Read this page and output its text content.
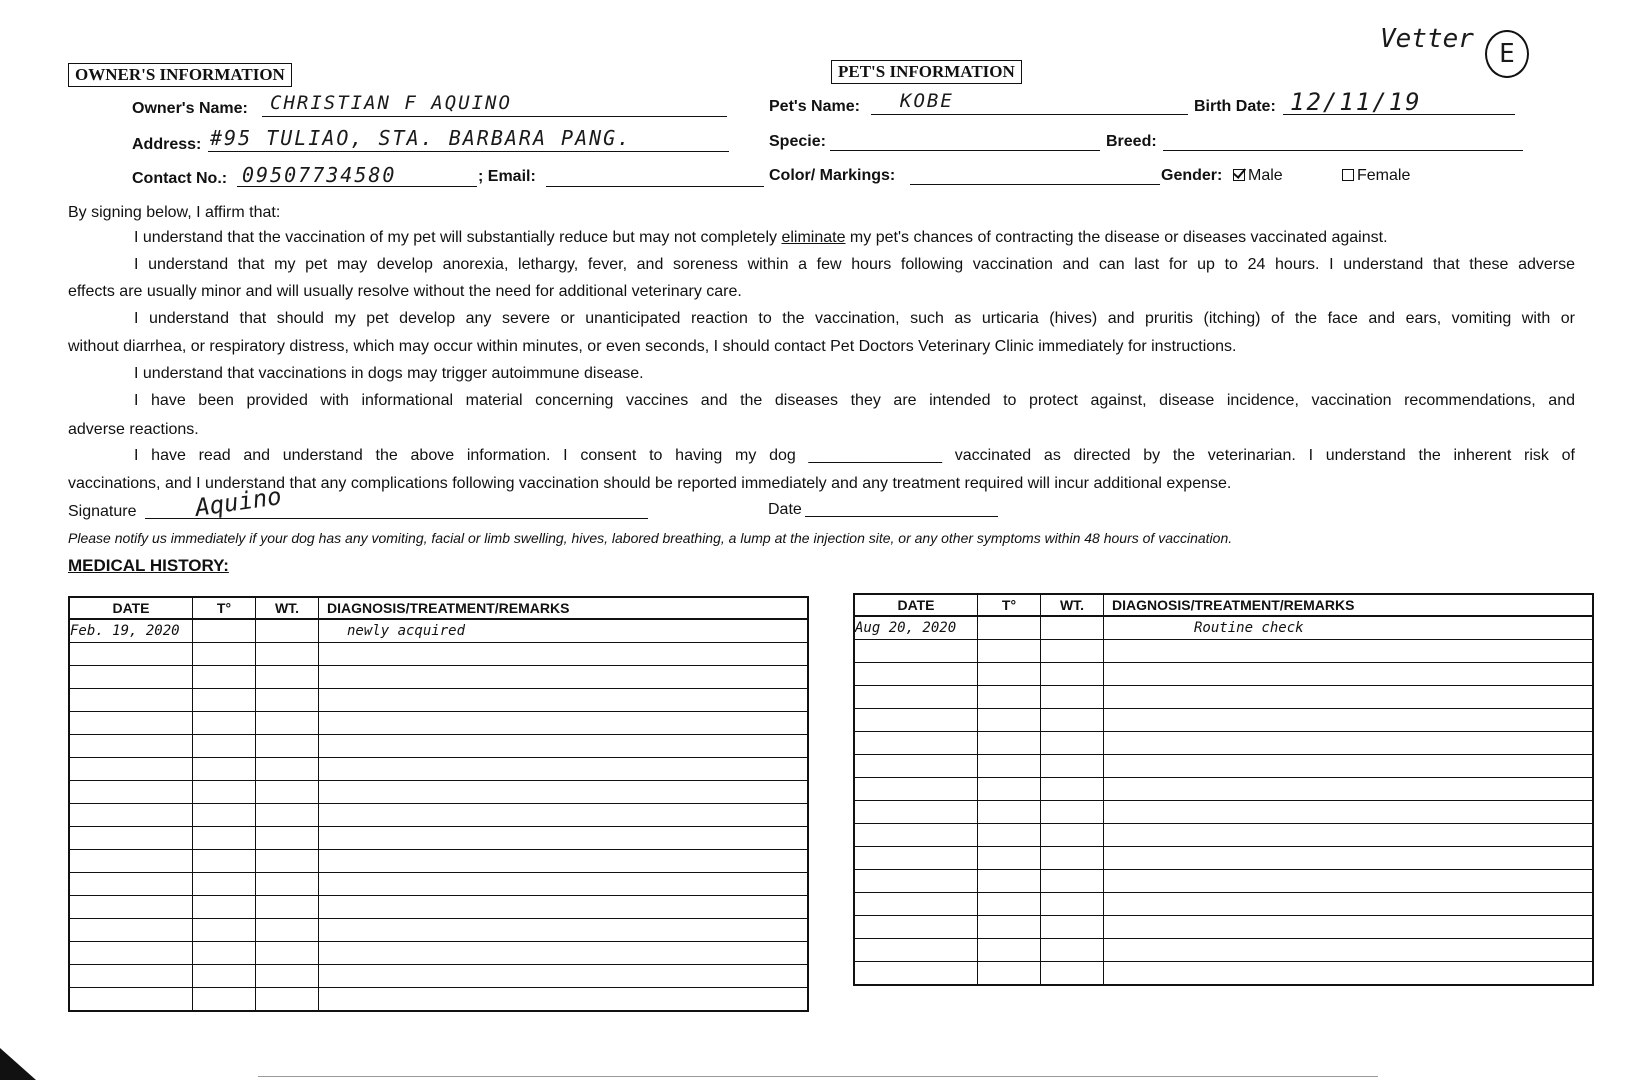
Vetter E
OWNER'S INFORMATION	PET'S INFORMATION
Owner's Name: CHRISTIAN F AQUINO
Address: #95 TULIAO, STA. BARBARA PANG.
Contact No.: 09507734580	; Email:
Pet's Name: KOBE	Birth Date: 12/11/19
Specie:	Breed:
Color/ Markings:	Gender:	Male	Female
By signing below, I affirm that:
I understand that the vaccination of my pet will substantially reduce but may not completely eliminate my pet's chances of contracting the disease or diseases vaccinated against.
I understand that my pet may develop anorexia, lethargy, fever, and soreness within a few hours following vaccination and can last for up to 24 hours. I understand that these adverse
effects are usually minor and will usually resolve without the need for additional veterinary care.
I understand that should my pet develop any severe or unanticipated reaction to the vaccination, such as urticaria (hives) and pruritis (itching) of the face and ears, vomiting with or
without diarrhea, or respiratory distress, which may occur within minutes, or even seconds, I should contact Pet Doctors Veterinary Clinic immediately for instructions.
I understand that vaccinations in dogs may trigger autoimmune disease.
I have been provided with informational material concerning vaccines and the diseases they are intended to protect against, disease incidence, vaccination recommendations, and
adverse reactions.
I have read and understand the above information. I consent to having my dog _______________ vaccinated as directed by the veterinarian. I understand the inherent risk of
vaccinations, and I understand that any complications following vaccination should be reported immediately and any treatment required will incur additional expense.
Signature Aquino	Date
Please notify us immediately if your dog has any vomiting, facial or limb swelling, hives, labored breathing, a lump at the injection site, or any other symptoms within 48 hours of vaccination.
MEDICAL HISTORY:
DATE	T°	WT.	DIAGNOSIS/TREATMENT/REMARKS
Feb. 19, 2020			newly acquired

DATE	T°	WT.	DIAGNOSIS/TREATMENT/REMARKS
Aug 20, 2020			Routine check
